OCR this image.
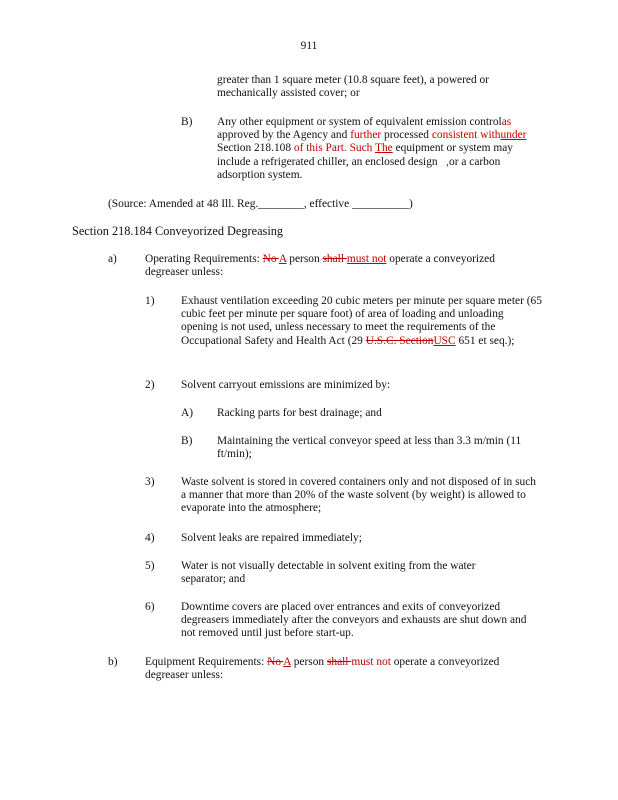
911

greater than 1 square meter (10.8 square feet), a powered or mechanically assisted cover; or

B) Any other equipment or system of equivalent emission controlas approved by the Agency and further processed consistent withunder Section 218.108 of this Part. Such The equipment or system may include a refrigerated chiller, an enclosed design ,or a carbon adsorption system.

(Source: Amended at 48 Ill. Reg.________, effective __________)

Section 218.184 Conveyorized Degreasing

a) Operating Requirements: No A person shall must not operate a conveyorized degreaser unless:

1) Exhaust ventilation exceeding 20 cubic meters per minute per square meter (65 cubic feet per minute per square foot) of area of loading and unloading opening is not used, unless necessary to meet the requirements of the Occupational Safety and Health Act (29 U.S.C. SectionUSC 651 et seq.);

2) Solvent carryout emissions are minimized by:

A) Racking parts for best drainage; and

B) Maintaining the vertical conveyor speed at less than 3.3 m/min (11 ft/min);

3) Waste solvent is stored in covered containers only and not disposed of in such a manner that more than 20% of the waste solvent (by weight) is allowed to evaporate into the atmosphere;

4) Solvent leaks are repaired immediately;

5) Water is not visually detectable in solvent exiting from the water separator; and

6) Downtime covers are placed over entrances and exits of conveyorized degreasers immediately after the conveyors and exhausts are shut down and not removed until just before start-up.

b) Equipment Requirements: No A person shall must not operate a conveyorized degreaser unless:
